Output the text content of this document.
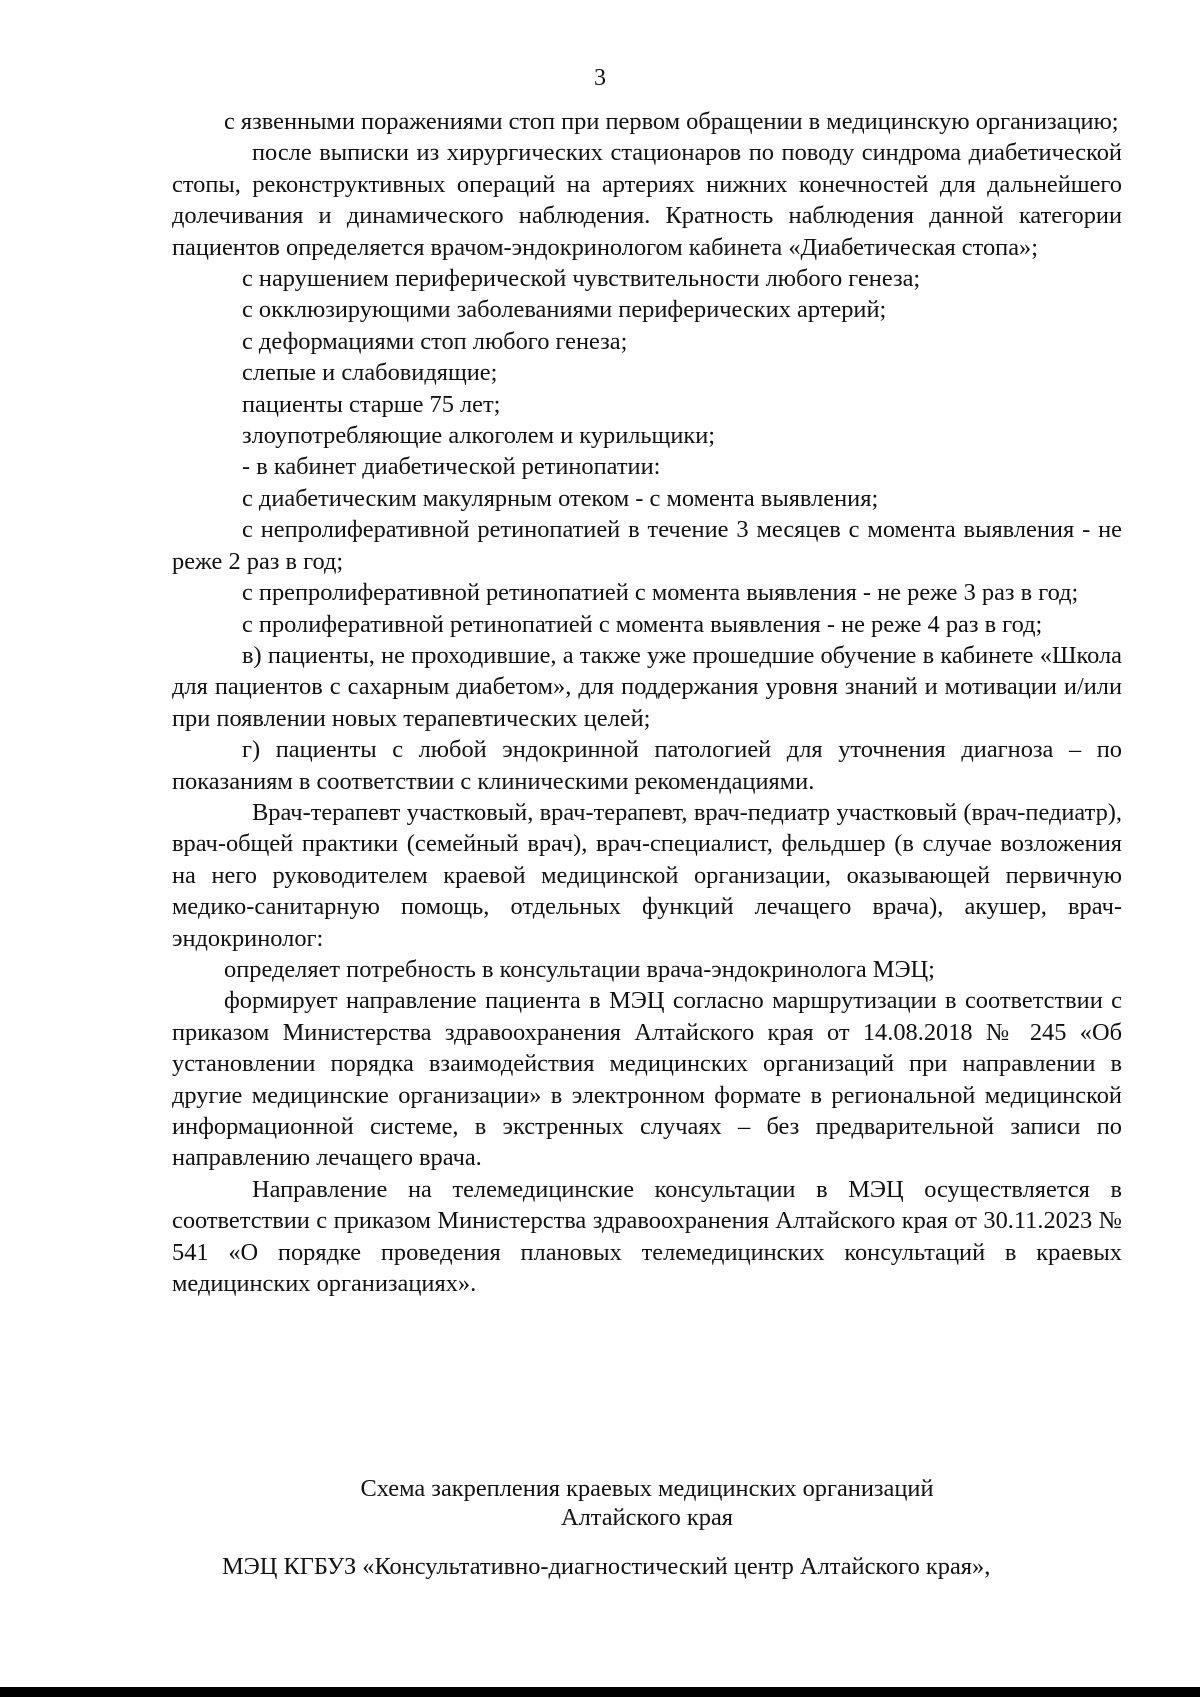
3

с язвенными поражениями стоп при первом обращении в медицинскую организацию;

после выписки из хирургических стационаров по поводу синдрома диабетической стопы, реконструктивных операций на артериях нижних конечностей для дальнейшего долечивания и динамического наблюдения. Кратность наблюдения данной категории пациентов определяется врачом-эндокринологом кабинета «Диабетическая стопа»;

с нарушением периферической чувствительности любого генеза;

с окклюзирующими заболеваниями периферических артерий;

с деформациями стоп любого генеза;

слепые и слабовидящие;

пациенты старше 75 лет;

злоупотребляющие алкоголем и курильщики;

- в кабинет диабетической ретинопатии:

с диабетическим макулярным отеком - с момента выявления;

с непролиферативной ретинопатией в течение 3 месяцев с момента выявления - не реже 2 раз в год;

с препролиферативной ретинопатией с момента выявления - не реже 3 раз в год;

с пролиферативной ретинопатией с момента выявления - не реже 4 раз в год;

в) пациенты, не проходившие, а также уже прошедшие обучение в кабинете «Школа для пациентов с сахарным диабетом», для поддержания уровня знаний и мотивации и/или при появлении новых терапевтических целей;

г) пациенты с любой эндокринной патологией для уточнения диагноза – по показаниям в соответствии с клиническими рекомендациями.

Врач-терапевт участковый, врач-терапевт, врач-педиатр участковый (врач-педиатр), врач-общей практики (семейный врач), врач-специалист, фельдшер (в случае возложения на него руководителем краевой медицинской организации, оказывающей первичную медико-санитарную помощь, отдельных функций лечащего врача), акушер, врач-эндокринолог:

определяет потребность в консультации врача-эндокринолога МЭЦ;

формирует направление пациента в МЭЦ согласно маршрутизации в соответствии с приказом Министерства здравоохранения Алтайского края от 14.08.2018 № 245 «Об установлении порядка взаимодействия медицинских организаций при направлении в другие медицинские организации» в электронном формате в региональной медицинской информационной системе, в экстренных случаях – без предварительной записи по направлению лечащего врача.

Направление на телемедицинские консультации в МЭЦ осуществляется в соответствии с приказом Министерства здравоохранения Алтайского края от 30.11.2023 № 541 «О порядке проведения плановых телемедицинских консультаций в краевых медицинских организациях».

Схема закрепления краевых медицинских организаций
Алтайского края
МЭЦ КГБУЗ «Консультативно-диагностический центр Алтайского края»,
